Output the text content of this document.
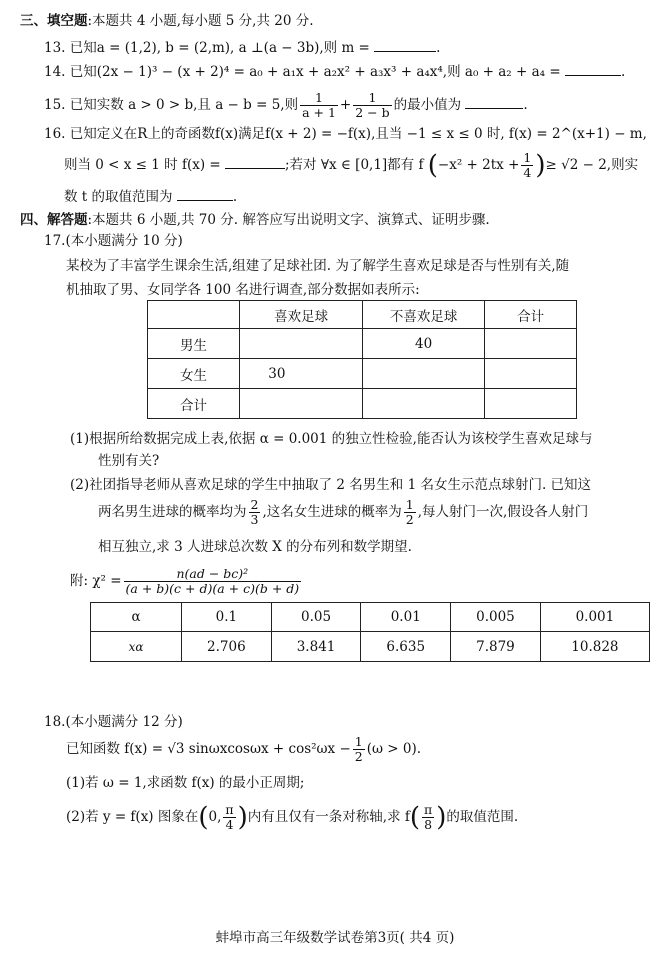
三、填空题:本题共 4 小题,每小题 5 分,共 20 分.
13. 已知a = (1,2), b = (2,m), a ⊥(a − 3b),则 m =	.
14. 已知(2x − 1)³ − (x + 2)⁴ = a₀ + a₁x + a₂x² + a₃x³ + a₄x⁴,则 a₀ + a₂ + a₄ =	.
15. 已知实数 a > 0 > b,且 a − b = 5,则 $\frac{1}{a + 1} + \frac{1}{2 - b}$ 的最小值为	.
16. 已知定义在R上的奇函数f(x)满足f(x + 2) = −f(x),且当 −1 ≤ x ≤ 0 时, f(x) = 2^(x+1) − m,
则当 0 < x ≤ 1 时 f(x) =	;若对 ∀x ∈ [0,1]都有 f ($-x^2 + 2tx + \frac{1}{4}$ )≥ √2 − 2,则实
数 t 的取值范围为	.
四、解答题:本题共 6 小题,共 70 分. 解答应写出说明文字、演算式、证明步骤.
17.(本小题满分 10 分)
某校为了丰富学生课余生活,组建了足球社团. 为了解学生喜欢足球是否与性别有关,随
机抽取了男、女同学各 100 名进行调查,部分数据如表所示:
	喜欢足球	不喜欢足球	合计
男生		40	
女生	30		
合计			
(1)根据所给数据完成上表,依据 α = 0.001 的独立性检验,能否认为该校学生喜欢足球与
性别有关?
(2)社团指导老师从喜欢足球的学生中抽取了 2 名男生和 1 名女生示范点球射门. 已知这
两名男生进球的概率均为 $\frac{2}{3}$ ,这名女生进球的概率为 $\frac{1}{2}$ ,每人射门一次,假设各人射门
相互独立,求 3 人进球总次数 X 的分布列和数学期望.
附: $\chi^2 = \frac{\text{n(ad − bc)²}}{(a + b)(c + d)(a + c)(b + d)}$
α	0.1	0.05	0.01	0.005	0.001
xα	2.706	3.841	6.635	7.879	10.828
18.(本小题满分 12 分)
已知函数 f(x) = √3 $\sin\omega xcos\omega x + \cos^2\omega x - \frac{1}{2} (\omega > 0)$.
(1)若 ω = 1,求函数 f(x) 的最小正周期;
(2)若 y = f(x) 图象在(0, $\frac{\pi}{4}$ )内有且仅有一条对称轴,求 $f( \frac{\pi}{8}$ )的取值范围.
蚌埠市高三年级数学试卷第3页( 共4 页)
